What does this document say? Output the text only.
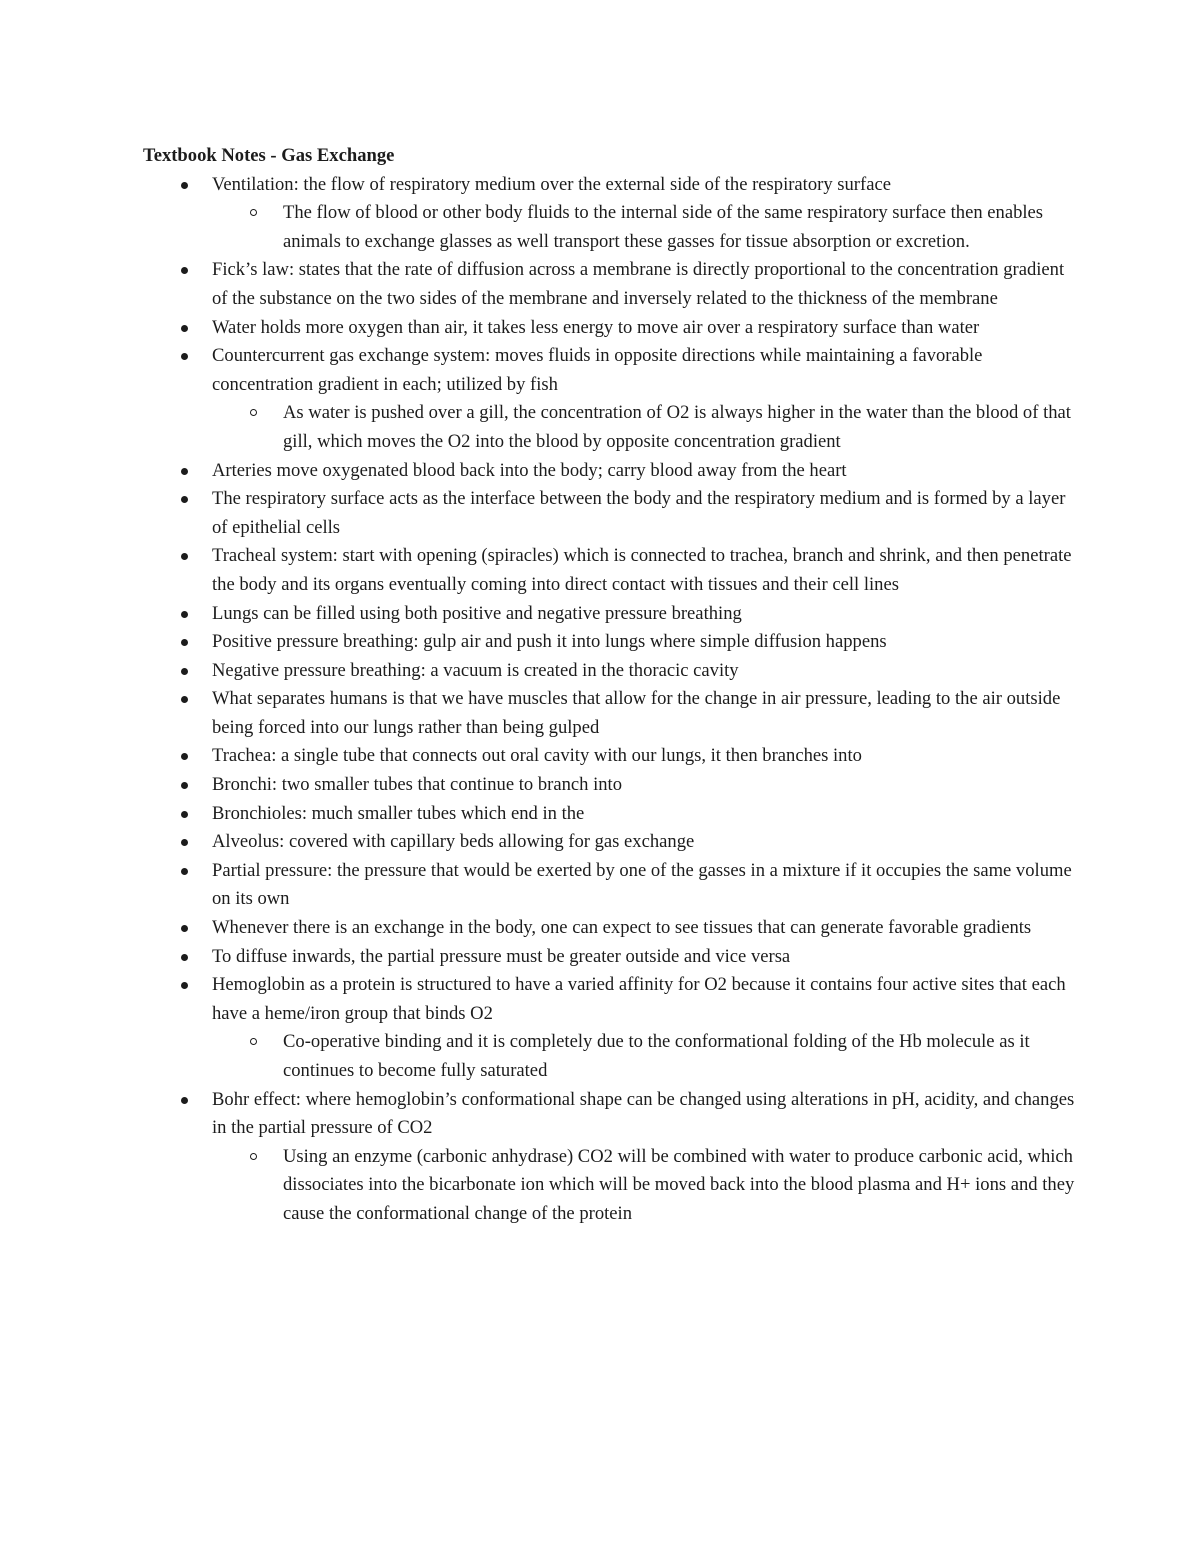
Textbook Notes - Gas Exchange

Ventilation: the flow of respiratory medium over the external side of the respiratory surface
The flow of blood or other body fluids to the internal side of the same respiratory surface then enables animals to exchange glasses as well transport these gasses for tissue absorption or excretion.
Fick’s law: states that the rate of diffusion across a membrane is directly proportional to the concentration gradient of the substance on the two sides of the membrane and inversely related to the thickness of the membrane
Water holds more oxygen than air, it takes less energy to move air over a respiratory surface than water
Countercurrent gas exchange system: moves fluids in opposite directions while maintaining a favorable concentration gradient in each; utilized by fish
As water is pushed over a gill, the concentration of O2 is always higher in the water than the blood of that gill, which moves the O2 into the blood by opposite concentration gradient
Arteries move oxygenated blood back into the body; carry blood away from the heart
The respiratory surface acts as the interface between the body and the respiratory medium and is formed by a layer of epithelial cells
Tracheal system: start with opening (spiracles) which is connected to trachea, branch and shrink, and then penetrate the body and its organs eventually coming into direct contact with tissues and their cell lines
Lungs can be filled using both positive and negative pressure breathing
Positive pressure breathing: gulp air and push it into lungs where simple diffusion happens
Negative pressure breathing: a vacuum is created in the thoracic cavity
What separates humans is that we have muscles that allow for the change in air pressure, leading to the air outside being forced into our lungs rather than being gulped
Trachea: a single tube that connects out oral cavity with our lungs, it then branches into
Bronchi: two smaller tubes that continue to branch into
Bronchioles: much smaller tubes which end in the
Alveolus: covered with capillary beds allowing for gas exchange
Partial pressure: the pressure that would be exerted by one of the gasses in a mixture if it occupies the same volume on its own
Whenever there is an exchange in the body, one can expect to see tissues that can generate favorable gradients
To diffuse inwards, the partial pressure must be greater outside and vice versa
Hemoglobin as a protein is structured to have a varied affinity for O2 because it contains four active sites that each have a heme/iron group that binds O2
Co-operative binding and it is completely due to the conformational folding of the Hb molecule as it continues to become fully saturated
Bohr effect: where hemoglobin’s conformational shape can be changed using alterations in pH, acidity, and changes in the partial pressure of CO2
Using an enzyme (carbonic anhydrase) CO2 will be combined with water to produce carbonic acid, which dissociates into the bicarbonate ion which will be moved back into the blood plasma and H+ ions and they cause the conformational change of the protein
